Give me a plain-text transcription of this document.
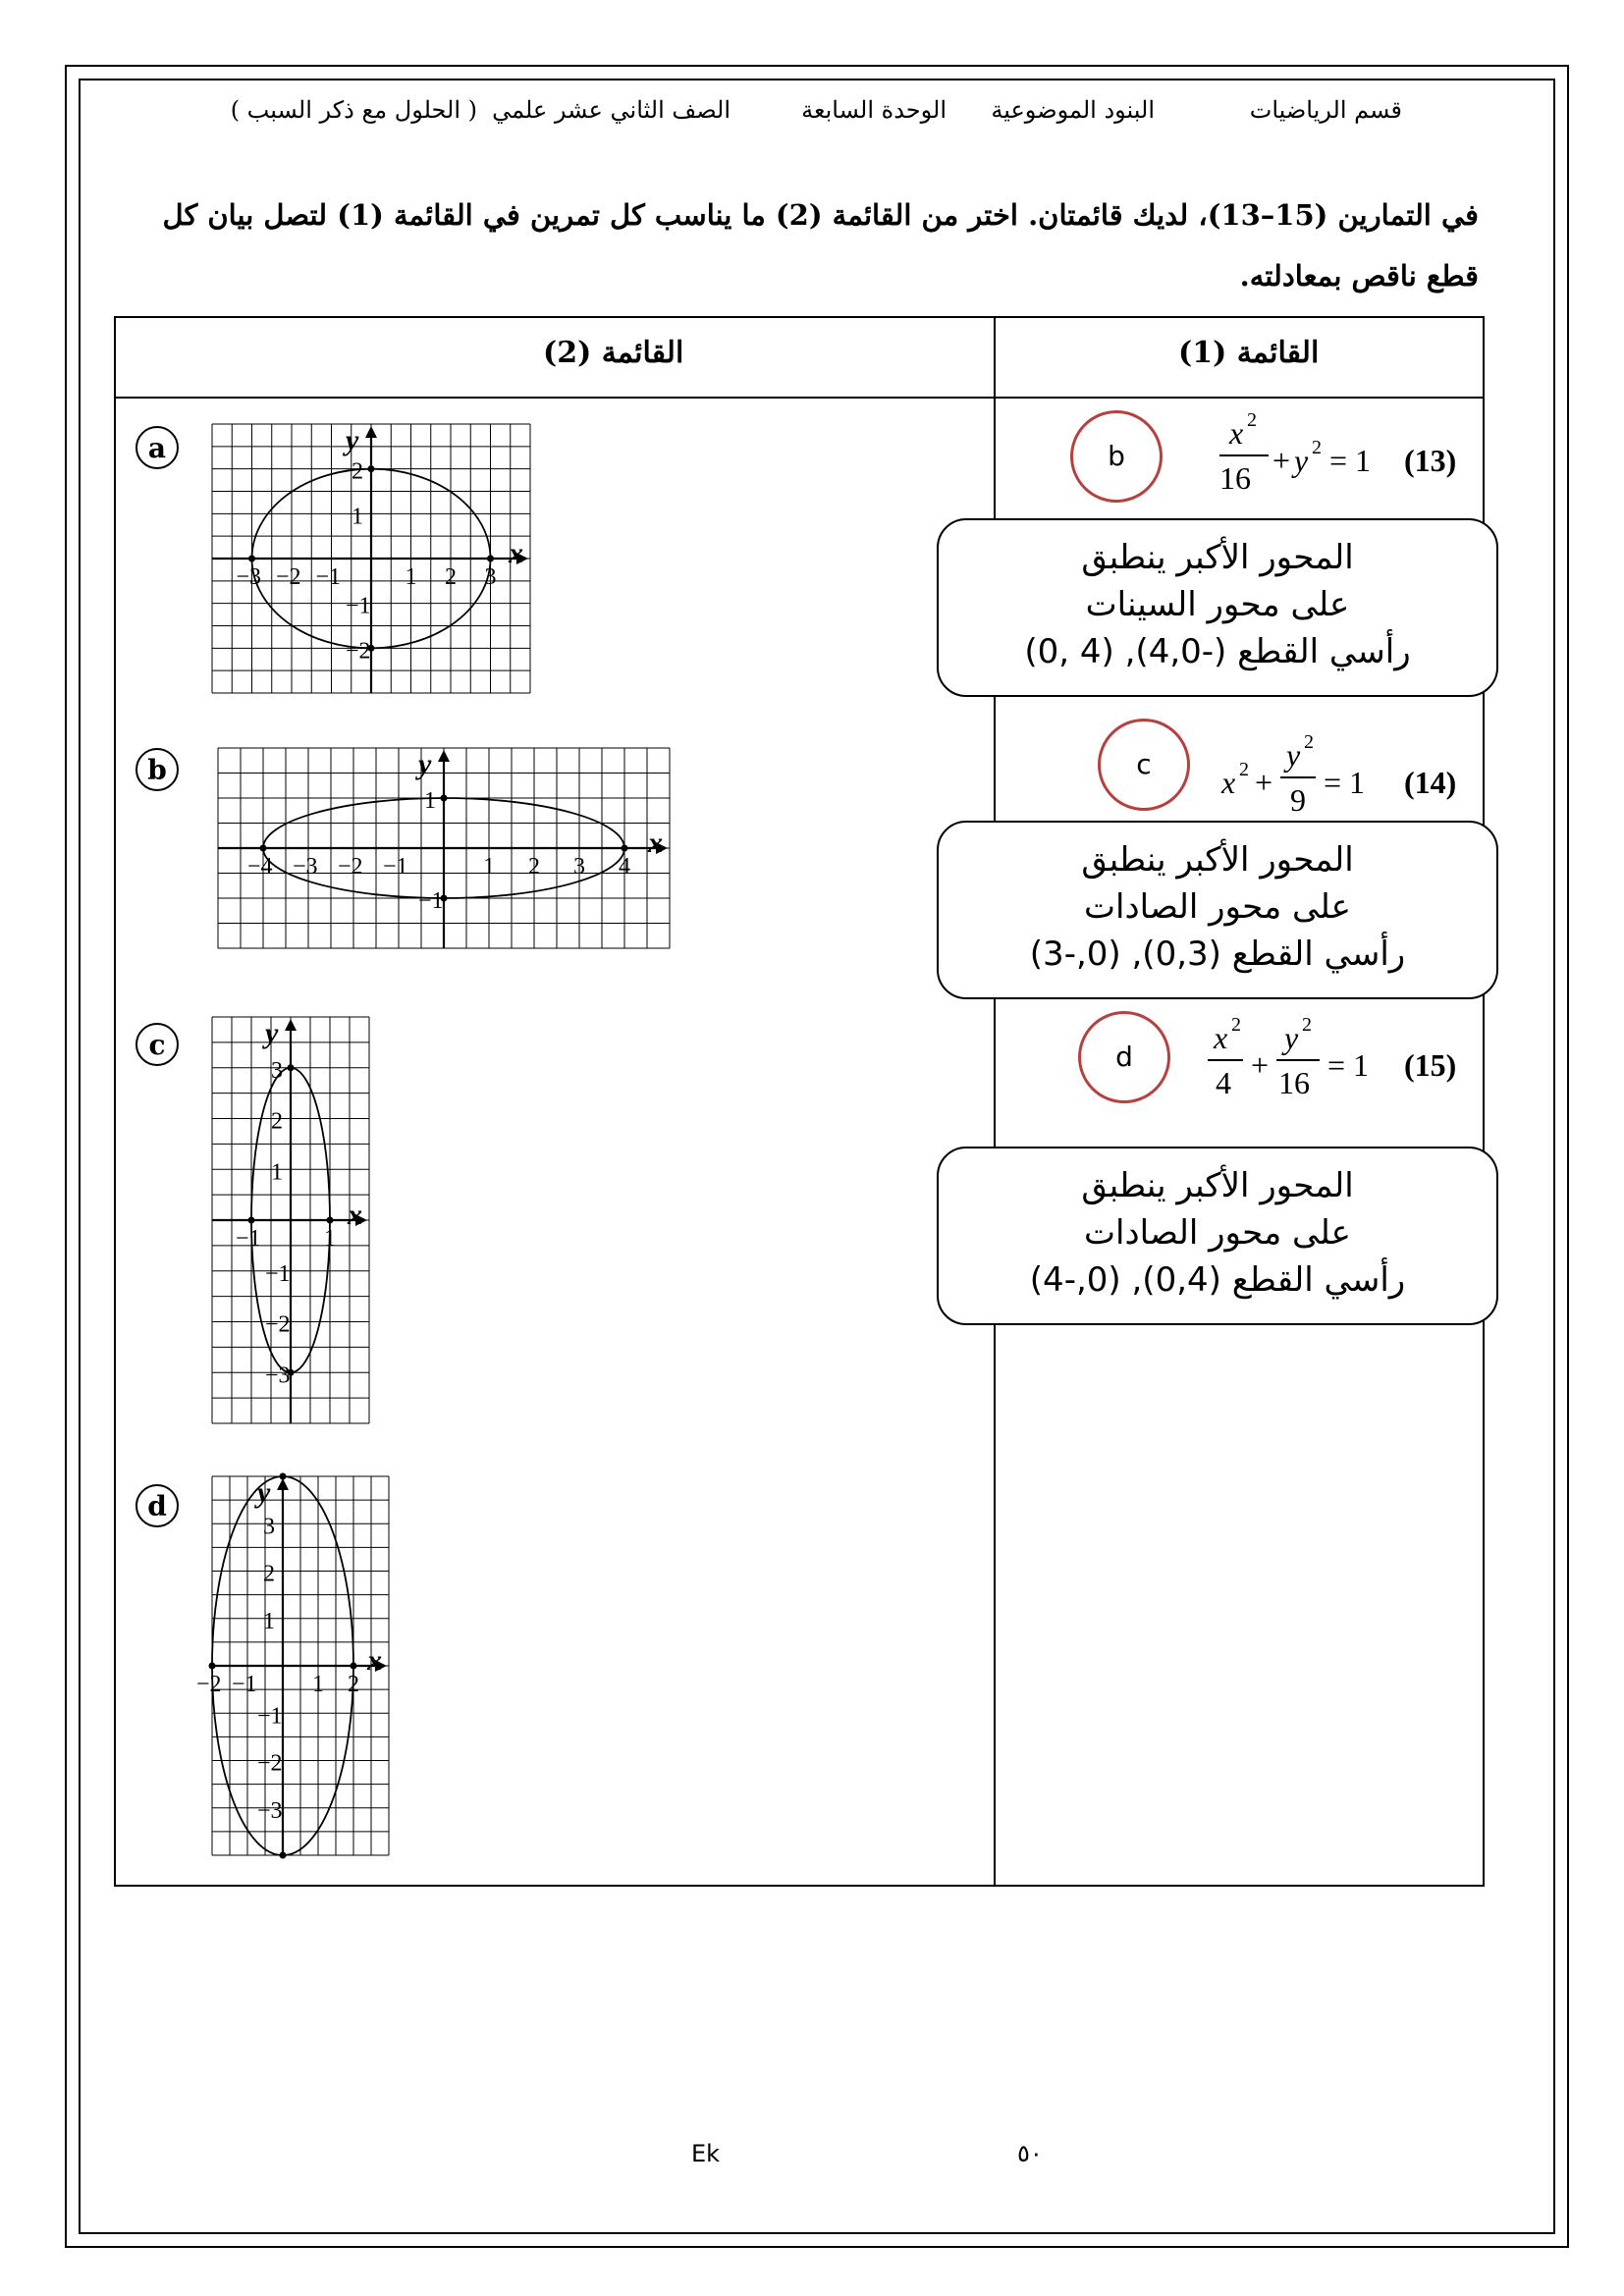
قسم الرياضيات
البنود الموضوعية
الوحدة السابعة
الصف الثاني عشر علمي
( الحلول مع ذكر السبب )
في التمارين (15–13)، لديك قائمتان. اختر من القائمة (2) ما يناسب كل تمرين في القائمة (1) لتصل بيان كل قطع ناقص بمعادلته.
القائمة (2)	القائمة (1)
b
x 2
16 + y 2 = 1 (13)
المحور الأكبر ينطبق
على محور السينات
رأسي القطع (-4,0), (4 ,0)
c
x 2 +
y 2
9 = 1 (14)
المحور الأكبر ينطبق
على محور الصادات
رأسي القطع (0,3), (0,-3)
d
x 2
4 +
y 2
16 = 1 (15)
المحور الأكبر ينطبق
على محور الصادات
رأسي القطع (0,4), (0,-4)
a
b
c
d
x
y
−3 −2 −1	1 2 3
2
1
−1
−2
x
y
−4 −3 −2 −1	1 2 3 4
1
−1
x
y
−1	1
3
2
1
−1
−2
−3
x
y
−2 −1 1 2
3
2
1
−1
−2
−3
Ek	٥٠
